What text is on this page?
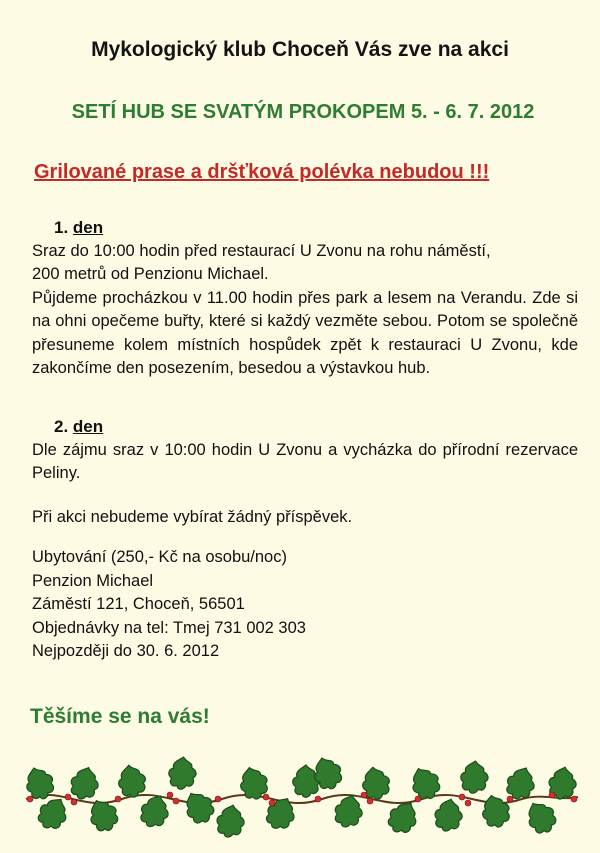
Mykologický klub Choceň Vás zve na akci
SETÍ HUB SE SVATÝM PROKOPEM 5. - 6. 7. 2012
Grilované prase a dršťková polévka nebudou !!!
1. den
Sraz do 10:00 hodin před restaurací U Zvonu na rohu náměstí,
200 metrů od Penzionu Michael.
Půjdeme procházkou v 11.00 hodin přes park a lesem na Verandu. Zde si na ohni opečeme buřty, které si každý vezměte sebou. Potom se společně přesuneme kolem místních hospůdek zpět k restauraci U Zvonu, kde zakončíme den posezením, besedou a výstavkou hub.
2. den
Dle zájmu sraz v 10:00 hodin U Zvonu a vycházka do přírodní rezervace Peliny.
Při akci nebudeme vybírat žádný příspěvek.
Ubytování (250,- Kč na osobu/noc)
Penzion Michael
Záměstí 121, Choceň, 56501
Objednávky na tel: Tmej 731 002 303
Nejpozději do 30. 6. 2012
Těšíme se na vás!
